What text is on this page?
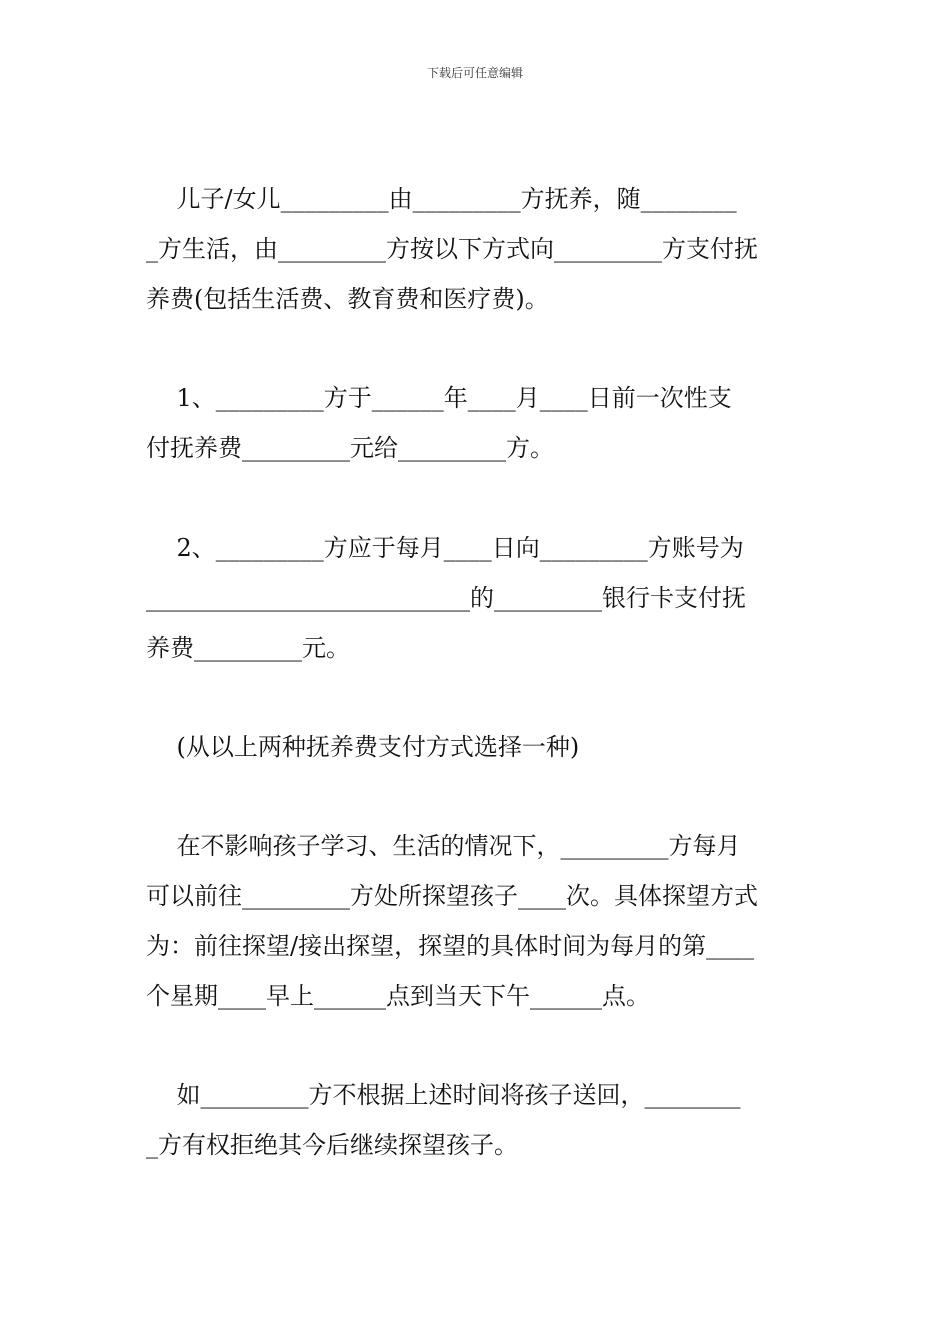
下载后可任意编辑
儿子/女儿_________由_________方抚养，随________
_方生活，由_________方按以下方式向_________方支付抚
养费(包括生活费、教育费和医疗费)。
1、_________方于______年____月____日前一次性支
付抚养费_________元给_________方。
2、_________方应于每月____日向_________方账号为
___________________________的_________银行卡支付抚
养费_________元。
(从以上两种抚养费支付方式选择一种)
在不影响孩子学习、生活的情况下，_________方每月
可以前往_________方处所探望孩子____次。具体探望方式
为：前往探望/接出探望，探望的具体时间为每月的第____
个星期____早上______点到当天下午______点。
如_________方不根据上述时间将孩子送回，________
_方有权拒绝其今后继续探望孩子。
